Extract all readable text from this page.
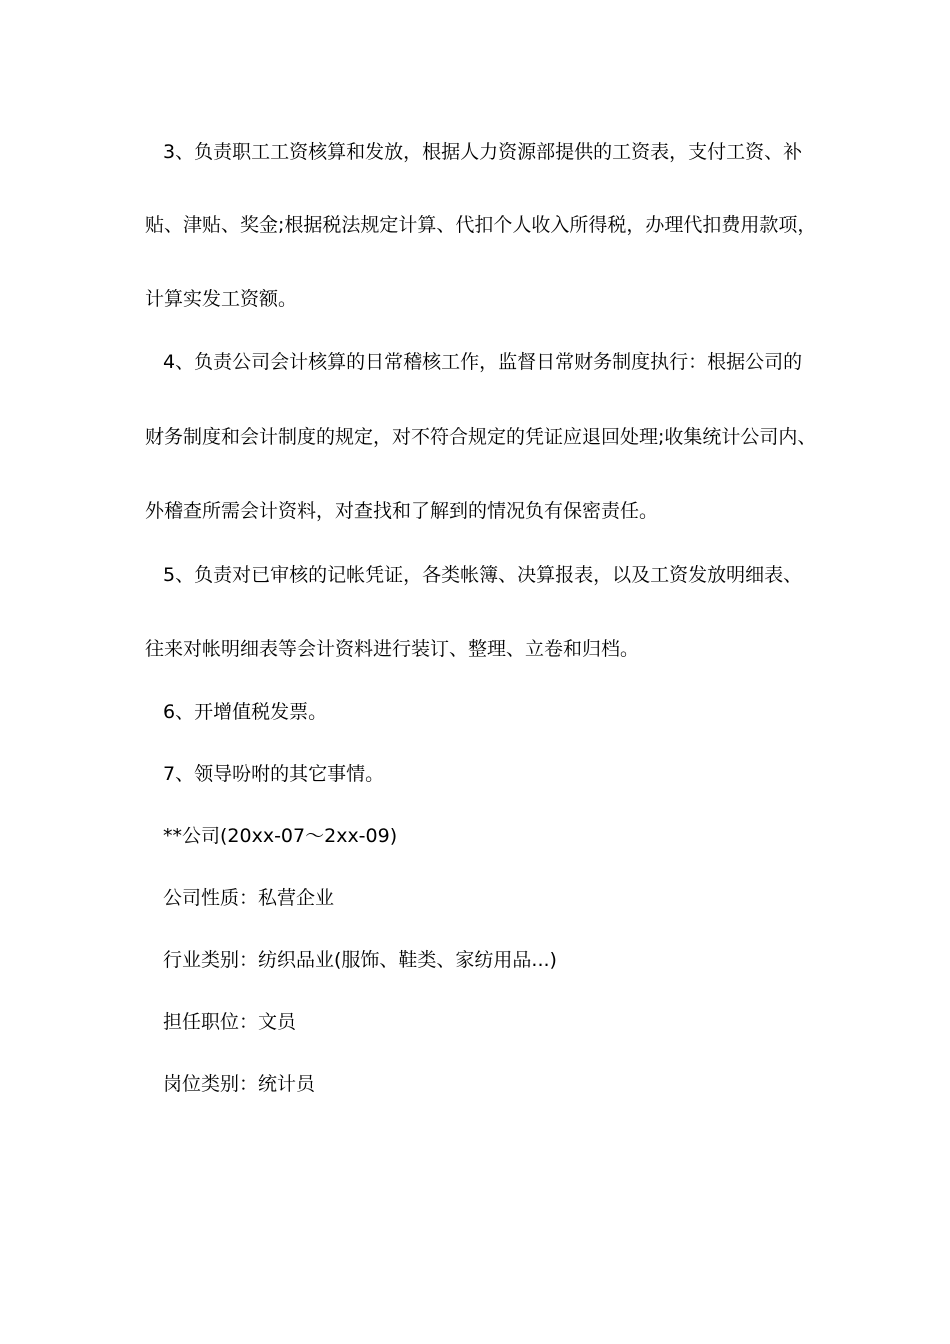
3、负责职工工资核算和发放，根据人力资源部提供的工资表，支付工资、补
贴、津贴、奖金;根据税法规定计算、代扣个人收入所得税，办理代扣费用款项，
计算实发工资额。
4、负责公司会计核算的日常稽核工作，监督日常财务制度执行：根据公司的
财务制度和会计制度的规定，对不符合规定的凭证应退回处理;收集统计公司内、
外稽查所需会计资料，对查找和了解到的情况负有保密责任。
5、负责对已审核的记帐凭证，各类帐簿、决算报表，以及工资发放明细表、
往来对帐明细表等会计资料进行装订、整理、立卷和归档。
6、开增值税发票。
7、领导吩咐的其它事情。
**公司(20xx-07～2xx-09)
公司性质：私营企业
行业类别：纺织品业(服饰、鞋类、家纺用品...)
担任职位：文员
岗位类别：统计员
